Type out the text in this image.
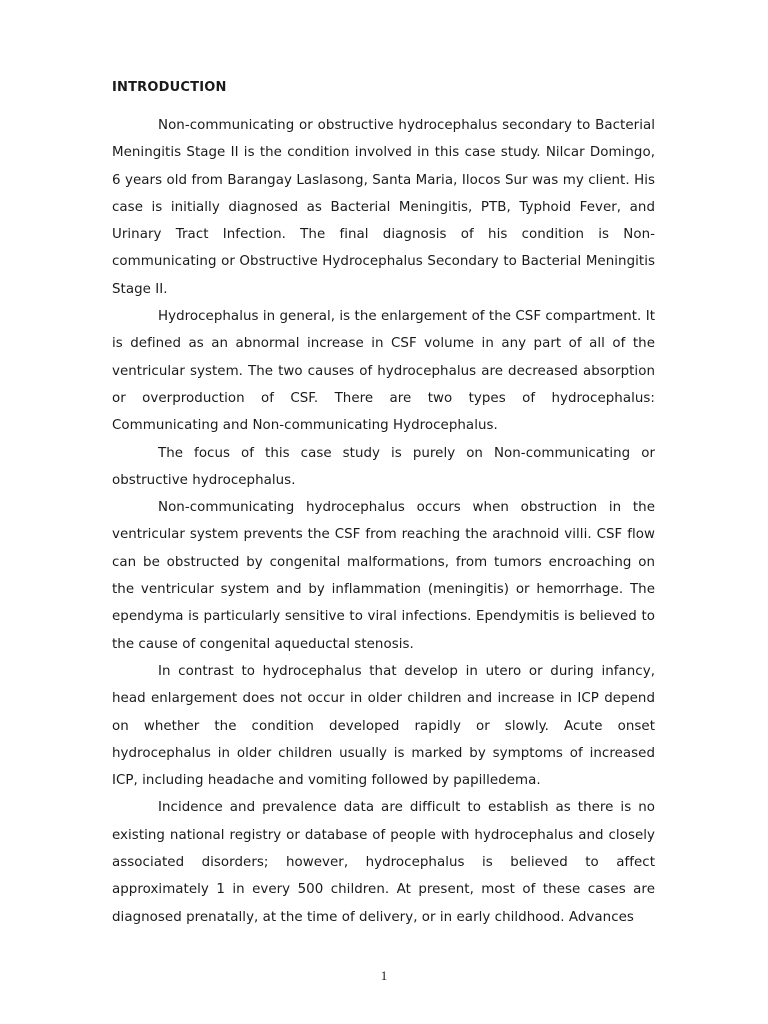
INTRODUCTION

Non-communicating or obstructive hydrocephalus secondary to Bacterial Meningitis Stage II is the condition involved in this case study. Nilcar Domingo, 6 years old from Barangay Laslasong, Santa Maria, Ilocos Sur was my client. His case is initially diagnosed as Bacterial Meningitis, PTB, Typhoid Fever, and Urinary Tract Infection. The final diagnosis of his condition is Non-communicating or Obstructive Hydrocephalus Secondary to Bacterial Meningitis Stage II.

Hydrocephalus in general, is the enlargement of the CSF compartment. It is defined as an abnormal increase in CSF volume in any part of all of the ventricular system. The two causes of hydrocephalus are decreased absorption or overproduction of CSF. There are two types of hydrocephalus: Communicating and Non-communicating Hydrocephalus.

The focus of this case study is purely on Non-communicating or obstructive hydrocephalus.

Non-communicating hydrocephalus occurs when obstruction in the ventricular system prevents the CSF from reaching the arachnoid villi. CSF flow can be obstructed by congenital malformations, from tumors encroaching on the ventricular system and by inflammation (meningitis) or hemorrhage. The ependyma is particularly sensitive to viral infections. Ependymitis is believed to the cause of congenital aqueductal stenosis.

In contrast to hydrocephalus that develop in utero or during infancy, head enlargement does not occur in older children and increase in ICP depend on whether the condition developed rapidly or slowly. Acute onset hydrocephalus in older children usually is marked by symptoms of increased ICP, including headache and vomiting followed by papilledema.

Incidence and prevalence data are difficult to establish as there is no existing national registry or database of people with hydrocephalus and closely associated disorders; however, hydrocephalus is believed to affect approximately 1 in every 500 children. At present, most of these cases are diagnosed prenatally, at the time of delivery, or in early childhood. Advances

1
